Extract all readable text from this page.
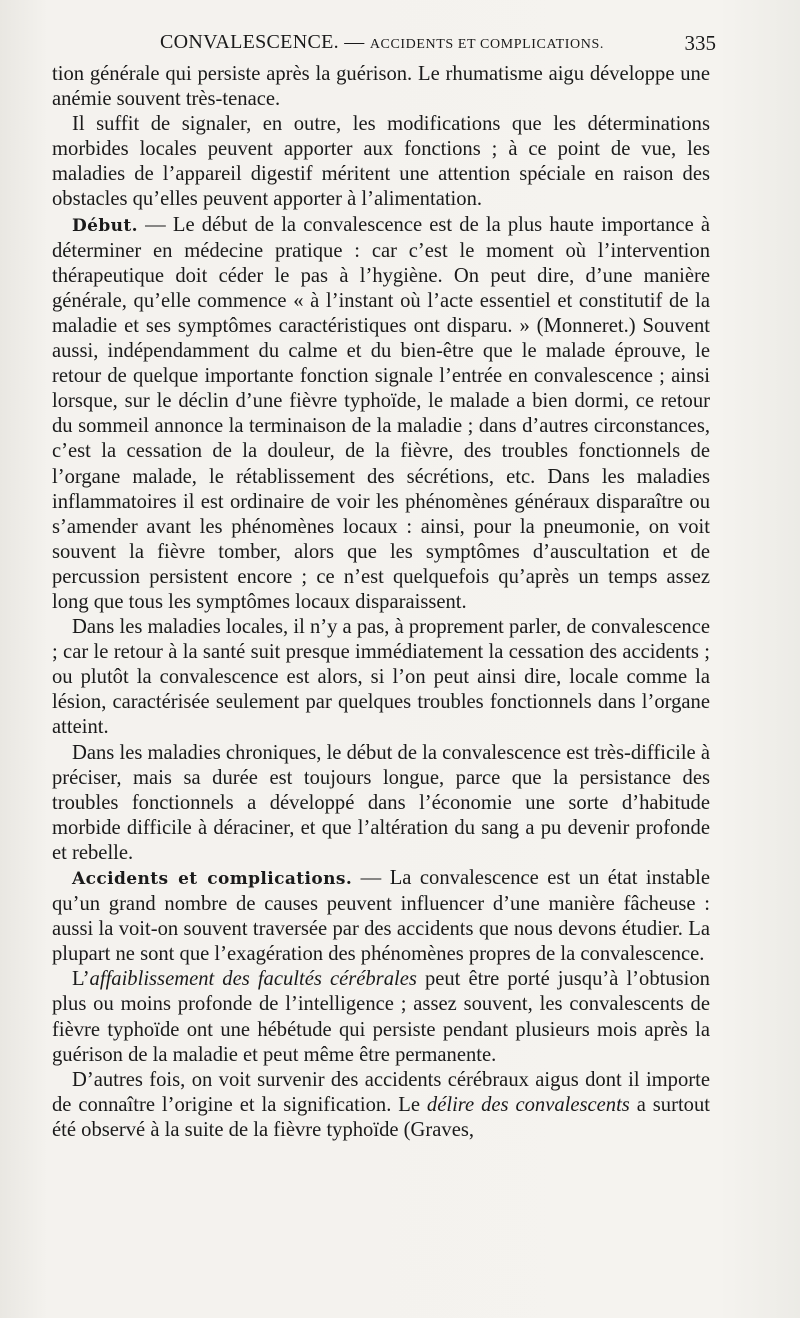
CONVALESCENCE. — ACCIDENTS ET COMPLICATIONS.	335

tion générale qui persiste après la guérison. Le rhumatisme aigu développe une anémie souvent très-tenace.

Il suffit de signaler, en outre, les modifications que les déterminations morbides locales peuvent apporter aux fonctions ; à ce point de vue, les maladies de l’appareil digestif méritent une attention spéciale en raison des obstacles qu’elles peuvent apporter à l’alimentation.

Début. — Le début de la convalescence est de la plus haute importance à déterminer en médecine pratique : car c’est le moment où l’intervention thérapeutique doit céder le pas à l’hygiène. On peut dire, d’une manière générale, qu’elle commence « à l’instant où l’acte essentiel et constitutif de la maladie et ses symptômes caractéristiques ont disparu. » (Monneret.) Souvent aussi, indépendamment du calme et du bien-être que le malade éprouve, le retour de quelque importante fonction signale l’entrée en convalescence ; ainsi lorsque, sur le déclin d’une fièvre typhoïde, le malade a bien dormi, ce retour du sommeil annonce la terminaison de la maladie ; dans d’autres circonstances, c’est la cessation de la douleur, de la fièvre, des troubles fonctionnels de l’organe malade, le rétablissement des sécrétions, etc. Dans les maladies inflammatoires il est ordinaire de voir les phénomènes généraux disparaître ou s’amender avant les phénomènes locaux : ainsi, pour la pneumonie, on voit souvent la fièvre tomber, alors que les symptômes d’auscultation et de percussion persistent encore ; ce n’est quelquefois qu’après un temps assez long que tous les symptômes locaux disparaissent.

Dans les maladies locales, il n’y a pas, à proprement parler, de convalescence ; car le retour à la santé suit presque immédiatement la cessation des accidents ; ou plutôt la convalescence est alors, si l’on peut ainsi dire, locale comme la lésion, caractérisée seulement par quelques troubles fonctionnels dans l’organe atteint.

Dans les maladies chroniques, le début de la convalescence est très-difficile à préciser, mais sa durée est toujours longue, parce que la persistance des troubles fonctionnels a développé dans l’économie une sorte d’habitude morbide difficile à déraciner, et que l’altération du sang a pu devenir profonde et rebelle.

Accidents et complications. — La convalescence est un état instable qu’un grand nombre de causes peuvent influencer d’une manière fâcheuse : aussi la voit-on souvent traversée par des accidents que nous devons étudier. La plupart ne sont que l’exagération des phénomènes propres de la convalescence.

L’affaiblissement des facultés cérébrales peut être porté jusqu’à l’obtusion plus ou moins profonde de l’intelligence ; assez souvent, les convalescents de fièvre typhoïde ont une hébétude qui persiste pendant plusieurs mois après la guérison de la maladie et peut même être permanente.

D’autres fois, on voit survenir des accidents cérébraux aigus dont il importe de connaître l’origine et la signification. Le délire des convalescents a surtout été observé à la suite de la fièvre typhoïde (Graves,
